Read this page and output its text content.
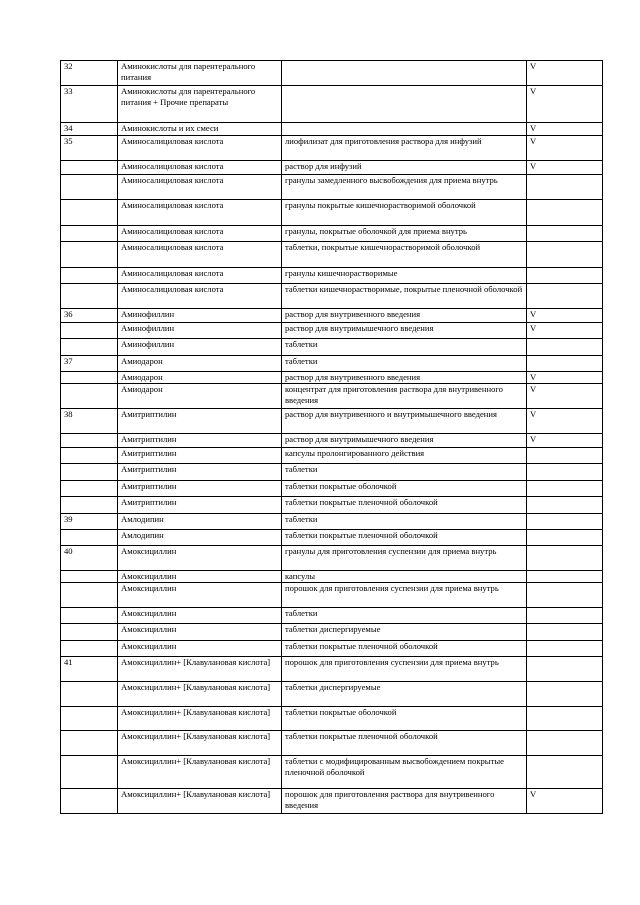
32	Аминокислоты для парентерального питания		V
33	Аминокислоты для парентерального питания + Прочие препараты		V
34	Аминокислоты и их смеси		V
35	Аминосалициловая кислота	лиофилизат для приготовления раствора для инфузий	V
	Аминосалициловая кислота	раствор для инфузий	V
	Аминосалициловая кислота	гранулы замедленного высвобождения для приема внутрь	
	Аминосалициловая кислота	гранулы покрытые кишечнорастворимой оболочкой	
	Аминосалициловая кислота	гранулы, покрытые оболочкой для приема внутрь	
	Аминосалициловая кислота	таблетки, покрытые кишечнорастворимой оболочкой	
	Аминосалициловая кислота	гранулы кишечнорастворимые	
	Аминосалициловая кислота	таблетки кишечнорастворимые, покрытые пленочной оболочкой	
36	Аминофиллин	раствор для внутривенного введения	V
	Аминофиллин	раствор для внутримышечного введения	V
	Аминофиллин	таблетки	
37	Амиодарон	таблетки	
	Амиодарон	раствор для внутривенного введения	V
	Амиодарон	концентрат для приготовления раствора для внутривенного введения	V
38	Амитриптилин	раствор для внутривенного и внутримышечного введения	V
	Амитриптилин	раствор для внутримышечного введения	V
	Амитриптилин	капсулы пролонгированного действия	
	Амитриптилин	таблетки	
	Амитриптилин	таблетки покрытые оболочкой	
	Амитриптилин	таблетки покрытые пленочной оболочкой	
39	Амлодипин	таблетки	
	Амлодипин	таблетки покрытые пленочной оболочкой	
40	Амоксициллин	гранулы для приготовления суспензии для приема внутрь	
	Амоксициллин	капсулы	
	Амоксициллин	порошок для приготовления суспензии для приема внутрь	
	Амоксициллин	таблетки	
	Амоксициллин	таблетки диспергируемые	
	Амоксициллин	таблетки покрытые пленочной оболочкой	
41	Амоксициллин+ [Клавулановая кислота]	порошок для приготовления суспензии для приема внутрь	
	Амоксициллин+ [Клавулановая кислота]	таблетки диспергируемые	
	Амоксициллин+ [Клавулановая кислота]	таблетки покрытые оболочкой	
	Амоксициллин+ [Клавулановая кислота]	таблетки покрытые пленочной оболочкой	
	Амоксициллин+ [Клавулановая кислота]	таблетки с модифицированным высвобождением покрытые пленочной оболочкой	
	Амоксициллин+ [Клавулановая кислота]	порошок для приготовления раствора для внутривенного введения	V
